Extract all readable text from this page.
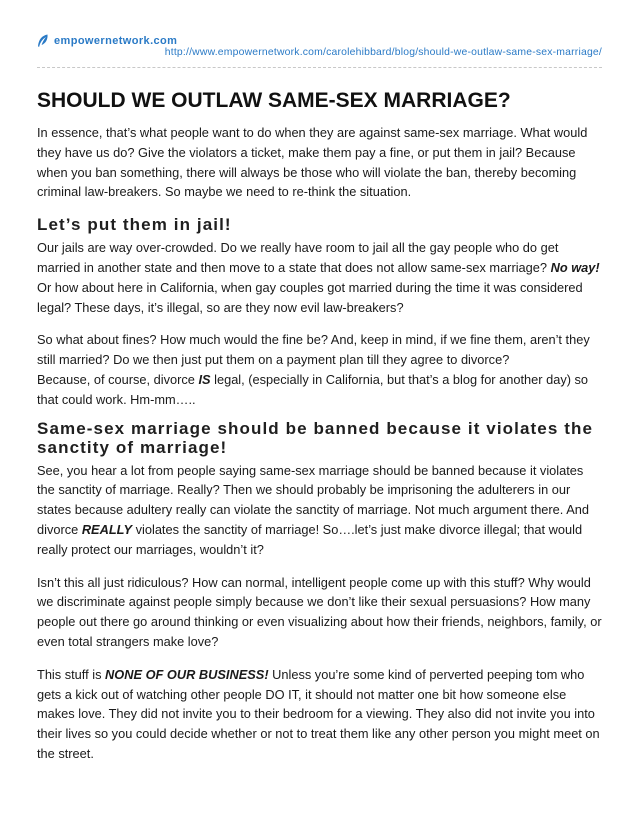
empowernetwork.com
http://www.empowernetwork.com/carolehibbard/blog/should-we-outlaw-same-sex-marriage/
SHOULD WE OUTLAW SAME-SEX MARRIAGE?

In essence, that’s what people want to do when they are against same-sex marriage. What would they have us do? Give the violators a ticket, make them pay a fine, or put them in jail? Because when you ban something, there will always be those who will violate the ban, thereby becoming criminal law-breakers. So maybe we need to re-think the situation.

Let’s put them in jail!

Our jails are way over-crowded. Do we really have room to jail all the gay people who do get married in another state and then move to a state that does not allow same-sex marriage? No way! Or how about here in California, when gay couples got married during the time it was considered legal? These days, it’s illegal, so are they now evil law-breakers?

So what about fines? How much would the fine be? And, keep in mind, if we fine them, aren’t they still married? Do we then just put them on a payment plan till they agree to divorce?
Because, of course, divorce IS legal, (especially in California, but that’s a blog for another day) so that could work. Hm-mm…..

Same-sex marriage should be banned because it violates the sanctity of marriage!

See, you hear a lot from people saying same-sex marriage should be banned because it violates the sanctity of marriage. Really? Then we should probably be imprisoning the adulterers in our states because adultery really can violate the sanctity of marriage. Not much argument there. And divorce REALLY violates the sanctity of marriage! So….let’s just make divorce illegal; that would really protect our marriages, wouldn’t it?

Isn’t this all just ridiculous? How can normal, intelligent people come up with this stuff? Why would we discriminate against people simply because we don’t like their sexual persuasions? How many people out there go around thinking or even visualizing about how their friends, neighbors, family, or even total strangers make love?

This stuff is NONE OF OUR BUSINESS! Unless you’re some kind of perverted peeping tom who gets a kick out of watching other people DO IT, it should not matter one bit how someone else makes love. They did not invite you to their bedroom for a viewing. They also did not invite you into their lives so you could decide whether or not to treat them like any other person you might meet on the street.
